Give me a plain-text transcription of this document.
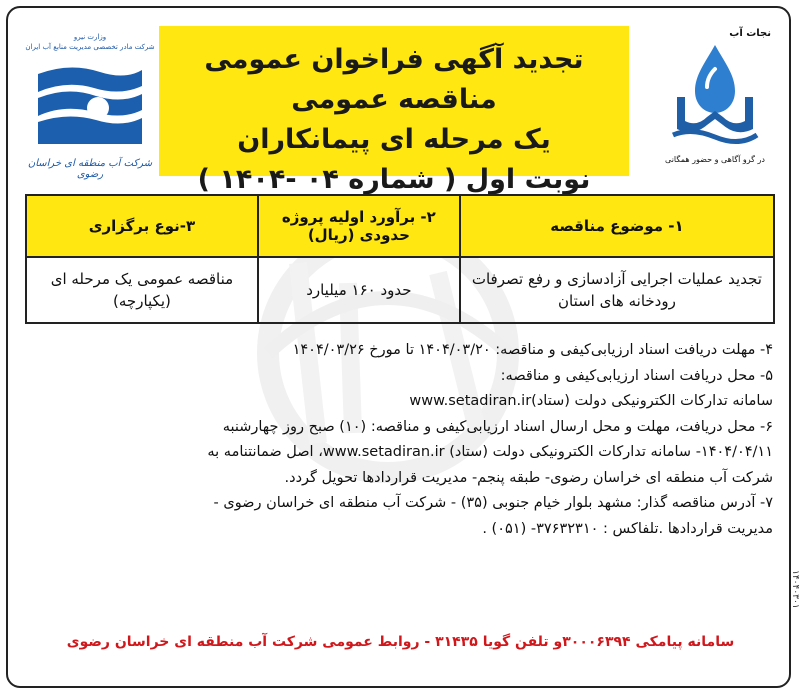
نجات آب
در گرو آگاهی و حضور همگانی
تجدید آگهی فراخوان عمومی مناقصه عمومی
یک مرحله ای پیمانکاران
نوبت اول ( شماره ۰۴ -۱۴۰۴ )
وزارت نیرو
شرکت مادر تخصصی مدیریت منابع آب ایران
شرکت آب منطقه ای خراسان رضوی
۱- موضوع مناقصه	۲- برآورد اولیه پروژه حدودی (ریال)	۳-نوع برگزاری
تجدید عملیات اجرایی آزادسازی و رفع تصرفات رودخانه های استان	حدود ۱۶۰ میلیارد	مناقصه عمومی یک مرحله ای (یکپارچه)

۴- مهلت دریافت اسناد ارزیابی‌کیفی و مناقصه: ۱۴۰۴/۰۳/۲۰ تا مورخ ۱۴۰۴/۰۳/۲۶

۵- محل دریافت اسناد ارزیابی‌کیفی و مناقصه:

سامانه تدارکات الکترونیکی دولت (ستاد)www.setadiran.ir

۶- محل دریافت، مهلت و محل ارسال اسناد ارزیابی‌کیفی و مناقصه: (۱۰) صبح روز چهارشنبه

۱۴۰۴/۰۴/۱۱- سامانه تدارکات الکترونیکی دولت (ستاد) www.setadiran.ir، اصل ضمانتنامه به

شرکت آب منطقه ای خراسان رضوی- طبقه پنجم- مدیریت قراردادها تحویل گردد.

۷- آدرس مناقصه گذار: مشهد بلوار خیام جنوبی (۳۵) - شرکت آب منطقه ای خراسان رضوی -

مدیریت قراردادها .تلفاکس : ۳۷۶۳۲۳۱۰- (۰۵۱) .

سامانه پیامکی ۳۰۰۰۶۳۹۴و تلفن گویا ۳۱۴۳۵ - روابط عمومی شرکت آب منطقه ای خراسان رضوی
۱۴۰۴۰۳۰۱
